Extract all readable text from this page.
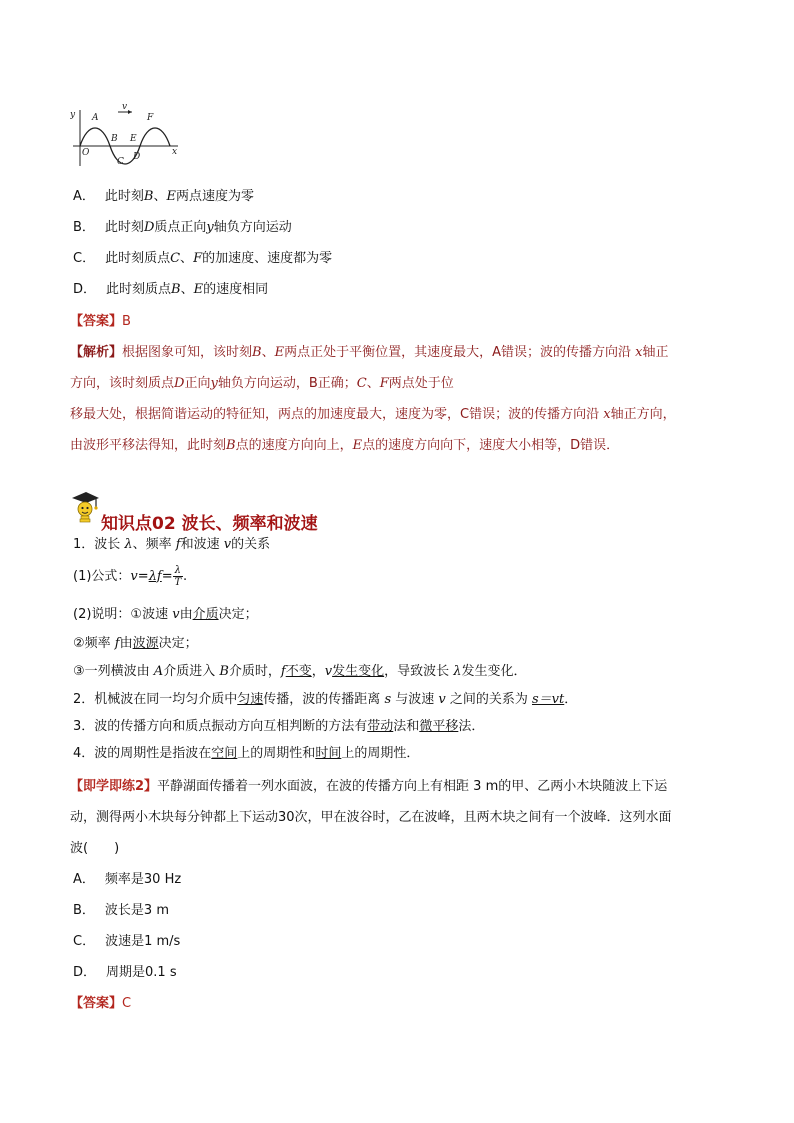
y
x
v
A
B
C D
E
F
O
A． 此时刻B、E两点速度为零
B． 此时刻D质点正向y轴负方向运动
C． 此时刻质点C、F的加速度、速度都为零
D． 此时刻质点B、E的速度相同
【答案】B
【解析】根据图象可知，该时刻B、E两点正处于平衡位置，其速度最大，A错误；波的传播方向沿 x轴正
方向，该时刻质点D正向y轴负方向运动，B正确；C、F两点处于位
移最大处，根据简谐运动的特征知，两点的加速度最大，速度为零，C错误；波的传播方向沿 x轴正方向，
由波形平移法得知，此时刻B点的速度方向向上，E点的速度方向向下，速度大小相等，D错误．
知识点02 波长、频率和波速
1．波长 λ、频率 f和波速 v的关系
(1)公式：$v=\lambda f= \frac{\lambda}{T}$ .
(2)说明：①波速 v由介质决定；
②频率 f由波源决定；
③一列横波由 A介质进入 B介质时，f不变，v发生变化，导致波长 λ发生变化．
2．机械波在同一均匀介质中匀速传播，波的传播距离 s 与波速 v 之间的关系为 s＝vt．
3．波的传播方向和质点振动方向互相判断的方法有带动法和微平移法．
4．波的周期性是指波在空间上的周期性和时间上的周期性．
【即学即练2】平静湖面传播着一列水面波，在波的传播方向上有相距 3 m的甲、乙两小木块随波上下运
动，测得两小木块每分钟都上下运动30次，甲在波谷时，乙在波峰，且两木块之间有一个波峰．这列水面
波(　　)
A． 频率是30 Hz
B． 波长是3 m
C． 波速是1 m/s
D． 周期是0.1 s
【答案】C
